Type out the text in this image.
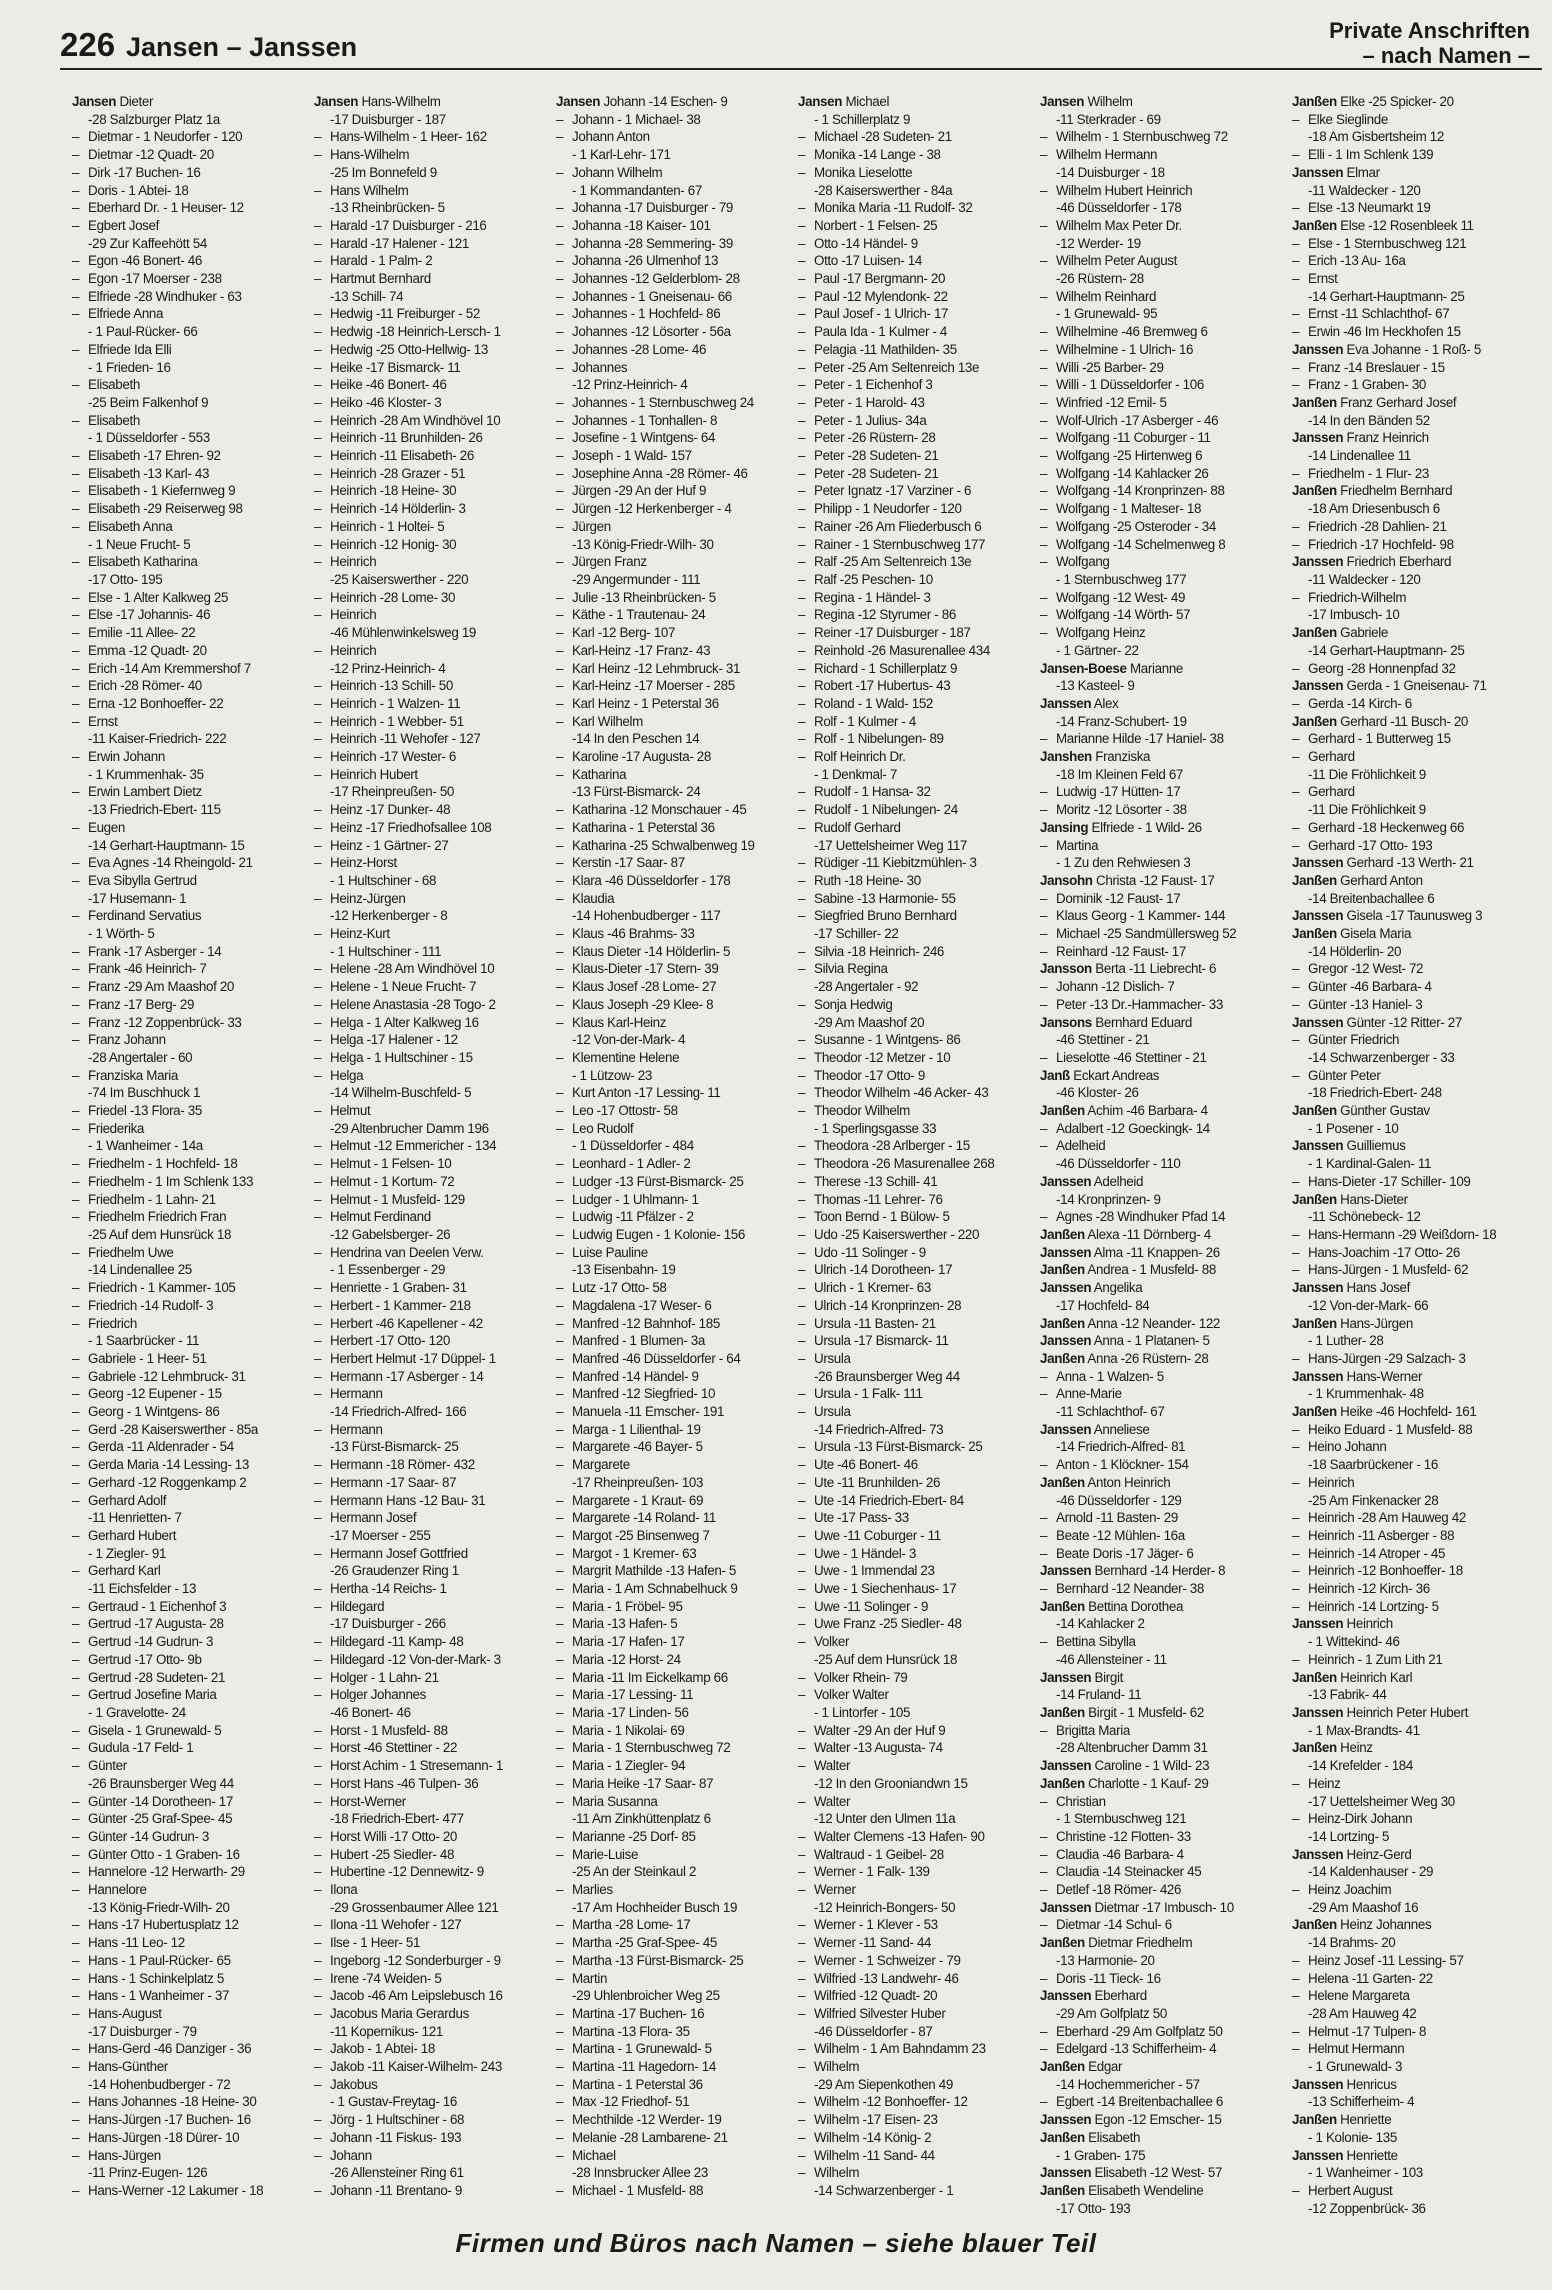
226 Jansen – Janssen
Private Anschriften
– nach Namen –
Jansen Dieter
-28 Salzburger Platz 1a
– Dietmar - 1 Neudorfer - 120
– Dietmar -12 Quadt- 20
– Dirk -17 Buchen- 16
– Doris - 1 Abtei- 18
– Eberhard Dr. - 1 Heuser- 12
– Egbert Josef
-29 Zur Kaffeehött 54
– Egon -46 Bonert- 46
– Egon -17 Moerser - 238
– Elfriede -28 Windhuker - 63
– Elfriede Anna
- 1 Paul-Rücker- 66
– Elfriede Ida Elli
- 1 Frieden- 16
– Elisabeth
-25 Beim Falkenhof 9
– Elisabeth
- 1 Düsseldorfer - 553
– Elisabeth -17 Ehren- 92
– Elisabeth -13 Karl- 43
– Elisabeth - 1 Kiefernweg 9
– Elisabeth -29 Reiserweg 98
– Elisabeth Anna
- 1 Neue Frucht- 5
– Elisabeth Katharina
-17 Otto- 195
– Else - 1 Alter Kalkweg 25
– Else -17 Johannis- 46
– Emilie -11 Allee- 22
– Emma -12 Quadt- 20
– Erich -14 Am Kremmershof 7
– Erich -28 Römer- 40
– Erna -12 Bonhoeffer- 22
– Ernst
-11 Kaiser-Friedrich- 222
– Erwin Johann
- 1 Krummenhak- 35
– Erwin Lambert Dietz
-13 Friedrich-Ebert- 115
– Eugen
-14 Gerhart-Hauptmann- 15
– Eva Agnes -14 Rheingold- 21
– Eva Sibylla Gertrud
-17 Husemann- 1
– Ferdinand Servatius
- 1 Wörth- 5
– Frank -17 Asberger - 14
– Frank -46 Heinrich- 7
– Franz -29 Am Maashof 20
– Franz -17 Berg- 29
– Franz -12 Zoppenbrück- 33
– Franz Johann
-28 Angertaler - 60
– Franziska Maria
-74 Im Buschhuck 1
– Friedel -13 Flora- 35
– Friederika
- 1 Wanheimer - 14a
– Friedhelm - 1 Hochfeld- 18
– Friedhelm - 1 Im Schlenk 133
– Friedhelm - 1 Lahn- 21
– Friedhelm Friedrich Fran
-25 Auf dem Hunsrück 18
– Friedhelm Uwe
-14 Lindenallee 25
– Friedrich - 1 Kammer- 105
– Friedrich -14 Rudolf- 3
– Friedrich
- 1 Saarbrücker - 11
– Gabriele - 1 Heer- 51
– Gabriele -12 Lehmbruck- 31
– Georg -12 Eupener - 15
– Georg - 1 Wintgens- 86
– Gerd -28 Kaiserswerther - 85a
– Gerda -11 Aldenrader - 54
– Gerda Maria -14 Lessing- 13
– Gerhard -12 Roggenkamp 2
– Gerhard Adolf
-11 Henrietten- 7
– Gerhard Hubert
- 1 Ziegler- 91
– Gerhard Karl
-11 Eichsfelder - 13
– Gertraud - 1 Eichenhof 3
– Gertrud -17 Augusta- 28
– Gertrud -14 Gudrun- 3
– Gertrud -17 Otto- 9b
– Gertrud -28 Sudeten- 21
– Gertrud Josefine Maria
- 1 Gravelotte- 24
– Gisela - 1 Grunewald- 5
– Gudula -17 Feld- 1
– Günter
-26 Braunsberger Weg 44
– Günter -14 Dorotheen- 17
– Günter -25 Graf-Spee- 45
– Günter -14 Gudrun- 3
– Günter Otto - 1 Graben- 16
– Hannelore -12 Herwarth- 29
– Hannelore
-13 König-Friedr-Wilh- 20
– Hans -17 Hubertusplatz 12
– Hans -11 Leo- 12
– Hans - 1 Paul-Rücker- 65
– Hans - 1 Schinkelplatz 5
– Hans - 1 Wanheimer - 37
– Hans-August
-17 Duisburger - 79
– Hans-Gerd -46 Danziger - 36
– Hans-Günther
-14 Hohenbudberger - 72
– Hans Johannes -18 Heine- 30
– Hans-Jürgen -17 Buchen- 16
– Hans-Jürgen -18 Dürer- 10
– Hans-Jürgen
-11 Prinz-Eugen- 126
– Hans-Werner -12 Lakumer - 18
Jansen Hans-Wilhelm
-17 Duisburger - 187
– Hans-Wilhelm - 1 Heer- 162
– Hans-Wilhelm
-25 Im Bonnefeld 9
– Hans Wilhelm
-13 Rheinbrücken- 5
– Harald -17 Duisburger - 216
– Harald -17 Halener - 121
– Harald - 1 Palm- 2
– Hartmut Bernhard
-13 Schill- 74
– Hedwig -11 Freiburger - 52
– Hedwig -18 Heinrich-Lersch- 1
– Hedwig -25 Otto-Hellwig- 13
– Heike -17 Bismarck- 11
– Heike -46 Bonert- 46
– Heiko -46 Kloster- 3
– Heinrich -28 Am Windhövel 10
– Heinrich -11 Brunhilden- 26
– Heinrich -11 Elisabeth- 26
– Heinrich -28 Grazer - 51
– Heinrich -18 Heine- 30
– Heinrich -14 Hölderlin- 3
– Heinrich - 1 Holtei- 5
– Heinrich -12 Honig- 30
– Heinrich
-25 Kaiserswerther - 220
– Heinrich -28 Lome- 30
– Heinrich
-46 Mühlenwinkelsweg 19
– Heinrich
-12 Prinz-Heinrich- 4
– Heinrich -13 Schill- 50
– Heinrich - 1 Walzen- 11
– Heinrich - 1 Webber- 51
– Heinrich -11 Wehofer - 127
– Heinrich -17 Wester- 6
– Heinrich Hubert
-17 Rheinpreußen- 50
– Heinz -17 Dunker- 48
– Heinz -17 Friedhofsallee 108
– Heinz - 1 Gärtner- 27
– Heinz-Horst
- 1 Hultschiner - 68
– Heinz-Jürgen
-12 Herkenberger - 8
– Heinz-Kurt
- 1 Hultschiner - 111
– Helene -28 Am Windhövel 10
– Helene - 1 Neue Frucht- 7
– Helene Anastasia -28 Togo- 2
– Helga - 1 Alter Kalkweg 16
– Helga -17 Halener - 12
– Helga - 1 Hultschiner - 15
– Helga
-14 Wilhelm-Buschfeld- 5
– Helmut
-29 Altenbrucher Damm 196
– Helmut -12 Emmericher - 134
– Helmut - 1 Felsen- 10
– Helmut - 1 Kortum- 72
– Helmut - 1 Musfeld- 129
– Helmut Ferdinand
-12 Gabelsberger- 26
– Hendrina van Deelen Verw.
- 1 Essenberger - 29
– Henriette - 1 Graben- 31
– Herbert - 1 Kammer- 218
– Herbert -46 Kapellener - 42
– Herbert -17 Otto- 120
– Herbert Helmut -17 Düppel- 1
– Hermann -17 Asberger - 14
– Hermann
-14 Friedrich-Alfred- 166
– Hermann
-13 Fürst-Bismarck- 25
– Hermann -18 Römer- 432
– Hermann -17 Saar- 87
– Hermann Hans -12 Bau- 31
– Hermann Josef
-17 Moerser - 255
– Hermann Josef Gottfried
-26 Graudenzer Ring 1
– Hertha -14 Reichs- 1
– Hildegard
-17 Duisburger - 266
– Hildegard -11 Kamp- 48
– Hildegard -12 Von-der-Mark- 3
– Holger - 1 Lahn- 21
– Holger Johannes
-46 Bonert- 46
– Horst - 1 Musfeld- 88
– Horst -46 Stettiner - 22
– Horst Achim - 1 Stresemann- 1
– Horst Hans -46 Tulpen- 36
– Horst-Werner
-18 Friedrich-Ebert- 477
– Horst Willi -17 Otto- 20
– Hubert -25 Siedler- 48
– Hubertine -12 Dennewitz- 9
– Ilona
-29 Grossenbaumer Allee 121
– Ilona -11 Wehofer - 127
– Ilse - 1 Heer- 51
– Ingeborg -12 Sonderburger - 9
– Irene -74 Weiden- 5
– Jacob -46 Am Leipslebusch 16
– Jacobus Maria Gerardus
-11 Kopernikus- 121
– Jakob - 1 Abtei- 18
– Jakob -11 Kaiser-Wilhelm- 243
– Jakobus
- 1 Gustav-Freytag- 16
– Jörg - 1 Hultschiner - 68
– Johann -11 Fiskus- 193
– Johann
-26 Allensteiner Ring 61
– Johann -11 Brentano- 9
Jansen Johann -14 Eschen- 9
– Johann - 1 Michael- 38
– Johann Anton
- 1 Karl-Lehr- 171
– Johann Wilhelm
- 1 Kommandanten- 67
– Johanna -17 Duisburger - 79
– Johanna -18 Kaiser- 101
– Johanna -28 Semmering- 39
– Johanna -26 Ulmenhof 13
– Johannes -12 Gelderblom- 28
– Johannes - 1 Gneisenau- 66
– Johannes - 1 Hochfeld- 86
– Johannes -12 Lösorter - 56a
– Johannes -28 Lome- 46
– Johannes
-12 Prinz-Heinrich- 4
– Johannes - 1 Sternbuschweg 24
– Johannes - 1 Tonhallen- 8
– Josefine - 1 Wintgens- 64
– Joseph - 1 Wald- 157
– Josephine Anna -28 Römer- 46
– Jürgen -29 An der Huf 9
– Jürgen -12 Herkenberger - 4
– Jürgen
-13 König-Friedr-Wilh- 30
– Jürgen Franz
-29 Angermunder - 111
– Julie -13 Rheinbrücken- 5
– Käthe - 1 Trautenau- 24
– Karl -12 Berg- 107
– Karl-Heinz -17 Franz- 43
– Karl Heinz -12 Lehmbruck- 31
– Karl-Heinz -17 Moerser - 285
– Karl Heinz - 1 Peterstal 36
– Karl Wilhelm
-14 In den Peschen 14
– Karoline -17 Augusta- 28
– Katharina
-13 Fürst-Bismarck- 24
– Katharina -12 Monschauer - 45
– Katharina - 1 Peterstal 36
– Katharina -25 Schwalbenweg 19
– Kerstin -17 Saar- 87
– Klara -46 Düsseldorfer - 178
– Klaudia
-14 Hohenbudberger - 117
– Klaus -46 Brahms- 33
– Klaus Dieter -14 Hölderlin- 5
– Klaus-Dieter -17 Stern- 39
– Klaus Josef -28 Lome- 27
– Klaus Joseph -29 Klee- 8
– Klaus Karl-Heinz
-12 Von-der-Mark- 4
– Klementine Helene
- 1 Lützow- 23
– Kurt Anton -17 Lessing- 11
– Leo -17 Ottostr- 58
– Leo Rudolf
- 1 Düsseldorfer - 484
– Leonhard - 1 Adler- 2
– Ludger -13 Fürst-Bismarck- 25
– Ludger - 1 Uhlmann- 1
– Ludwig -11 Pfälzer - 2
– Ludwig Eugen - 1 Kolonie- 156
– Luise Pauline
-13 Eisenbahn- 19
– Lutz -17 Otto- 58
– Magdalena -17 Weser- 6
– Manfred -12 Bahnhof- 185
– Manfred - 1 Blumen- 3a
– Manfred -46 Düsseldorfer - 64
– Manfred -14 Händel- 9
– Manfred -12 Siegfried- 10
– Manuela -11 Emscher- 191
– Marga - 1 Lilienthal- 19
– Margarete -46 Bayer- 5
– Margarete
-17 Rheinpreußen- 103
– Margarete - 1 Kraut- 69
– Margarete -14 Roland- 11
– Margot -25 Binsenweg 7
– Margot - 1 Kremer- 63
– Margrit Mathilde -13 Hafen- 5
– Maria - 1 Am Schnabelhuck 9
– Maria - 1 Fröbel- 95
– Maria -13 Hafen- 5
– Maria -17 Hafen- 17
– Maria -12 Horst- 24
– Maria -11 Im Eickelkamp 66
– Maria -17 Lessing- 11
– Maria -17 Linden- 56
– Maria - 1 Nikolai- 69
– Maria - 1 Sternbuschweg 72
– Maria - 1 Ziegler- 94
– Maria Heike -17 Saar- 87
– Maria Susanna
-11 Am Zinkhüttenplatz 6
– Marianne -25 Dorf- 85
– Marie-Luise
-25 An der Steinkaul 2
– Marlies
-17 Am Hochheider Busch 19
– Martha -28 Lome- 17
– Martha -25 Graf-Spee- 45
– Martha -13 Fürst-Bismarck- 25
– Martin
-29 Uhlenbroicher Weg 25
– Martina -17 Buchen- 16
– Martina -13 Flora- 35
– Martina - 1 Grunewald- 5
– Martina -11 Hagedorn- 14
– Martina - 1 Peterstal 36
– Max -12 Friedhof- 51
– Mechthilde -12 Werder- 19
– Melanie -28 Lambarene- 21
– Michael
-28 Innsbrucker Allee 23
– Michael - 1 Musfeld- 88
Jansen Michael
- 1 Schillerplatz 9
– Michael -28 Sudeten- 21
– Monika -14 Lange - 38
– Monika Lieselotte
-28 Kaiserswerther - 84a
– Monika Maria -11 Rudolf- 32
– Norbert - 1 Felsen- 25
– Otto -14 Händel- 9
– Otto -17 Luisen- 14
– Paul -17 Bergmann- 20
– Paul -12 Mylendonk- 22
– Paul Josef - 1 Ulrich- 17
– Paula Ida - 1 Kulmer - 4
– Pelagia -11 Mathilden- 35
– Peter -25 Am Seltenreich 13e
– Peter - 1 Eichenhof 3
– Peter - 1 Harold- 43
– Peter - 1 Julius- 34a
– Peter -26 Rüstern- 28
– Peter -28 Sudeten- 21
– Peter -28 Sudeten- 21
– Peter Ignatz -17 Varziner - 6
– Philipp - 1 Neudorfer - 120
– Rainer -26 Am Fliederbusch 6
– Rainer - 1 Sternbuschweg 177
– Ralf -25 Am Seltenreich 13e
– Ralf -25 Peschen- 10
– Regina - 1 Händel- 3
– Regina -12 Styrumer - 86
– Reiner -17 Duisburger - 187
– Reinhold -26 Masurenallee 434
– Richard - 1 Schillerplatz 9
– Robert -17 Hubertus- 43
– Roland - 1 Wald- 152
– Rolf - 1 Kulmer - 4
– Rolf - 1 Nibelungen- 89
– Rolf Heinrich Dr.
- 1 Denkmal- 7
– Rudolf - 1 Hansa- 32
– Rudolf - 1 Nibelungen- 24
– Rudolf Gerhard
-17 Uettelsheimer Weg 117
– Rüdiger -11 Kiebitzmühlen- 3
– Ruth -18 Heine- 30
– Sabine -13 Harmonie- 55
– Siegfried Bruno Bernhard
-17 Schiller- 22
– Silvia -18 Heinrich- 246
– Silvia Regina
-28 Angertaler - 92
– Sonja Hedwig
-29 Am Maashof 20
– Susanne - 1 Wintgens- 86
– Theodor -12 Metzer - 10
– Theodor -17 Otto- 9
– Theodor Wilhelm -46 Acker- 43
– Theodor Wilhelm
- 1 Sperlingsgasse 33
– Theodora -28 Arlberger - 15
– Theodora -26 Masurenallee 268
– Therese -13 Schill- 41
– Thomas -11 Lehrer- 76
– Toon Bernd - 1 Bülow- 5
– Udo -25 Kaiserswerther - 220
– Udo -11 Solinger - 9
– Ulrich -14 Dorotheen- 17
– Ulrich - 1 Kremer- 63
– Ulrich -14 Kronprinzen- 28
– Ursula -11 Basten- 21
– Ursula -17 Bismarck- 11
– Ursula
-26 Braunsberger Weg 44
– Ursula - 1 Falk- 111
– Ursula
-14 Friedrich-Alfred- 73
– Ursula -13 Fürst-Bismarck- 25
– Ute -46 Bonert- 46
– Ute -11 Brunhilden- 26
– Ute -14 Friedrich-Ebert- 84
– Ute -17 Pass- 33
– Uwe -11 Coburger - 11
– Uwe - 1 Händel- 3
– Uwe - 1 Immendal 23
– Uwe - 1 Siechenhaus- 17
– Uwe -11 Solinger - 9
– Uwe Franz -25 Siedler- 48
– Volker
-25 Auf dem Hunsrück 18
– Volker Rhein- 79
– Volker Walter
- 1 Lintorfer - 105
– Walter -29 An der Huf 9
– Walter -13 Augusta- 74
– Walter
-12 In den Grooniandwn 15
– Walter
-12 Unter den Ulmen 11a
– Walter Clemens -13 Hafen- 90
– Waltraud - 1 Geibel- 28
– Werner - 1 Falk- 139
– Werner
-12 Heinrich-Bongers- 50
– Werner - 1 Klever - 53
– Werner -11 Sand- 44
– Werner - 1 Schweizer - 79
– Wilfried -13 Landwehr- 46
– Wilfried -12 Quadt- 20
– Wilfried Silvester Huber
-46 Düsseldorfer - 87
– Wilhelm - 1 Am Bahndamm 23
– Wilhelm
-29 Am Siepenkothen 49
– Wilhelm -12 Bonhoeffer- 12
– Wilhelm -17 Eisen- 23
– Wilhelm -14 König- 2
– Wilhelm -11 Sand- 44
– Wilhelm
-14 Schwarzenberger - 1
Jansen Wilhelm
-11 Sterkrader - 69
– Wilhelm - 1 Sternbuschweg 72
– Wilhelm Hermann
-14 Duisburger - 18
– Wilhelm Hubert Heinrich
-46 Düsseldorfer - 178
– Wilhelm Max Peter Dr.
-12 Werder- 19
– Wilhelm Peter August
-26 Rüstern- 28
– Wilhelm Reinhard
- 1 Grunewald- 95
– Wilhelmine -46 Bremweg 6
– Wilhelmine - 1 Ulrich- 16
– Willi -25 Barber- 29
– Willi - 1 Düsseldorfer - 106
– Winfried -12 Emil- 5
– Wolf-Ulrich -17 Asberger - 46
– Wolfgang -11 Coburger - 11
– Wolfgang -25 Hirtenweg 6
– Wolfgang -14 Kahlacker 26
– Wolfgang -14 Kronprinzen- 88
– Wolfgang - 1 Malteser- 18
– Wolfgang -25 Osteroder - 34
– Wolfgang -14 Schelmenweg 8
– Wolfgang
- 1 Sternbuschweg 177
– Wolfgang -12 West- 49
– Wolfgang -14 Wörth- 57
– Wolfgang Heinz
- 1 Gärtner- 22
Jansen-Boese Marianne
-13 Kasteel- 9
Janssen Alex
-14 Franz-Schubert- 19
– Marianne Hilde -17 Haniel- 38
Janshen Franziska
-18 Im Kleinen Feld 67
– Ludwig -17 Hütten- 17
– Moritz -12 Lösorter - 38
Jansing Elfriede - 1 Wild- 26
– Martina
- 1 Zu den Rehwiesen 3
Jansohn Christa -12 Faust- 17
– Dominik -12 Faust- 17
– Klaus Georg - 1 Kammer- 144
– Michael -25 Sandmüllersweg 52
– Reinhard -12 Faust- 17
Jansson Berta -11 Liebrecht- 6
– Johann -12 Dislich- 7
– Peter -13 Dr.-Hammacher- 33
Jansons Bernhard Eduard
-46 Stettiner - 21
– Lieselotte -46 Stettiner - 21
Janß Eckart Andreas
-46 Kloster- 26
Janßen Achim -46 Barbara- 4
– Adalbert -12 Goeckingk- 14
– Adelheid
-46 Düsseldorfer - 110
Janssen Adelheid
-14 Kronprinzen- 9
– Agnes -28 Windhuker Pfad 14
Janßen Alexa -11 Dörnberg- 4
Janssen Alma -11 Knappen- 26
Janßen Andrea - 1 Musfeld- 88
Janssen Angelika
-17 Hochfeld- 84
Janßen Anna -12 Neander- 122
Janssen Anna - 1 Platanen- 5
Janßen Anna -26 Rüstern- 28
– Anna - 1 Walzen- 5
– Anne-Marie
-11 Schlachthof- 67
Janssen Anneliese
-14 Friedrich-Alfred- 81
– Anton - 1 Klöckner- 154
Janßen Anton Heinrich
-46 Düsseldorfer - 129
– Arnold -11 Basten- 29
– Beate -12 Mühlen- 16a
– Beate Doris -17 Jäger- 6
Janssen Bernhard -14 Herder- 8
– Bernhard -12 Neander- 38
Janßen Bettina Dorothea
-14 Kahlacker 2
– Bettina Sibylla
-46 Allensteiner - 11
Janssen Birgit
-14 Fruland- 11
Janßen Birgit - 1 Musfeld- 62
– Brigitta Maria
-28 Altenbrucher Damm 31
Janssen Caroline - 1 Wild- 23
Janßen Charlotte - 1 Kauf- 29
– Christian
- 1 Sternbuschweg 121
– Christine -12 Flotten- 33
– Claudia -46 Barbara- 4
– Claudia -14 Steinacker 45
– Detlef -18 Römer- 426
Janssen Dietmar -17 Imbusch- 10
– Dietmar -14 Schul- 6
Janßen Dietmar Friedhelm
-13 Harmonie- 20
– Doris -11 Tieck- 16
Janssen Eberhard
-29 Am Golfplatz 50
– Eberhard -29 Am Golfplatz 50
– Edelgard -13 Schifferheim- 4
Janßen Edgar
-14 Hochemmericher - 57
– Egbert -14 Breitenbachallee 6
Janssen Egon -12 Emscher- 15
Janßen Elisabeth
- 1 Graben- 175
Janssen Elisabeth -12 West- 57
Janßen Elisabeth Wendeline
-17 Otto- 193
Janßen Elke -25 Spicker- 20
– Elke Sieglinde
-18 Am Gisbertsheim 12
– Elli - 1 Im Schlenk 139
Janssen Elmar
-11 Waldecker - 120
– Else -13 Neumarkt 19
Janßen Else -12 Rosenbleek 11
– Else - 1 Sternbuschweg 121
– Erich -13 Au- 16a
– Ernst
-14 Gerhart-Hauptmann- 25
– Ernst -11 Schlachthof- 67
– Erwin -46 Im Heckhofen 15
Janssen Eva Johanne - 1 Roß- 5
– Franz -14 Breslauer - 15
– Franz - 1 Graben- 30
Janßen Franz Gerhard Josef
-14 In den Bänden 52
Janssen Franz Heinrich
-14 Lindenallee 11
– Friedhelm - 1 Flur- 23
Janßen Friedhelm Bernhard
-18 Am Driesenbusch 6
– Friedrich -28 Dahlien- 21
– Friedrich -17 Hochfeld- 98
Janssen Friedrich Eberhard
-11 Waldecker - 120
– Friedrich-Wilhelm
-17 Imbusch- 10
Janßen Gabriele
-14 Gerhart-Hauptmann- 25
– Georg -28 Honnenpfad 32
Janssen Gerda - 1 Gneisenau- 71
– Gerda -14 Kirch- 6
Janßen Gerhard -11 Busch- 20
– Gerhard - 1 Butterweg 15
– Gerhard
-11 Die Fröhlichkeit 9
– Gerhard
-11 Die Fröhlichkeit 9
– Gerhard -18 Heckenweg 66
– Gerhard -17 Otto- 193
Janssen Gerhard -13 Werth- 21
Janßen Gerhard Anton
-14 Breitenbachallee 6
Janssen Gisela -17 Taunusweg 3
Janßen Gisela Maria
-14 Hölderlin- 20
– Gregor -12 West- 72
– Günter -46 Barbara- 4
– Günter -13 Haniel- 3
Janssen Günter -12 Ritter- 27
– Günter Friedrich
-14 Schwarzenberger - 33
– Günter Peter
-18 Friedrich-Ebert- 248
Janßen Günther Gustav
- 1 Posener - 10
Janssen Guilliemus
- 1 Kardinal-Galen- 11
– Hans-Dieter -17 Schiller- 109
Janßen Hans-Dieter
-11 Schönebeck- 12
– Hans-Hermann -29 Weißdorn- 18
– Hans-Joachim -17 Otto- 26
– Hans-Jürgen - 1 Musfeld- 62
Janssen Hans Josef
-12 Von-der-Mark- 66
Janßen Hans-Jürgen
- 1 Luther- 28
– Hans-Jürgen -29 Salzach- 3
Janssen Hans-Werner
- 1 Krummenhak- 48
Janßen Heike -46 Hochfeld- 161
– Heiko Eduard - 1 Musfeld- 88
– Heino Johann
-18 Saarbrückener - 16
– Heinrich
-25 Am Finkenacker 28
– Heinrich -28 Am Hauweg 42
– Heinrich -11 Asberger - 88
– Heinrich -14 Atroper - 45
– Heinrich -12 Bonhoeffer- 18
– Heinrich -12 Kirch- 36
– Heinrich -14 Lortzing- 5
Janssen Heinrich
- 1 Wittekind- 46
– Heinrich - 1 Zum Lith 21
Janßen Heinrich Karl
-13 Fabrik- 44
Janssen Heinrich Peter Hubert
- 1 Max-Brandts- 41
Janßen Heinz
-14 Krefelder - 184
– Heinz
-17 Uettelsheimer Weg 30
– Heinz-Dirk Johann
-14 Lortzing- 5
Janssen Heinz-Gerd
-14 Kaldenhauser - 29
– Heinz Joachim
-29 Am Maashof 16
Janßen Heinz Johannes
-14 Brahms- 20
– Heinz Josef -11 Lessing- 57
– Helena -11 Garten- 22
– Helene Margareta
-28 Am Hauweg 42
– Helmut -17 Tulpen- 8
– Helmut Hermann
- 1 Grunewald- 3
Janssen Henricus
-13 Schifferheim- 4
Janßen Henriette
- 1 Kolonie- 135
Janssen Henriette
- 1 Wanheimer - 103
– Herbert August
-12 Zoppenbrück- 36
Firmen und Büros nach Namen – siehe blauer Teil
